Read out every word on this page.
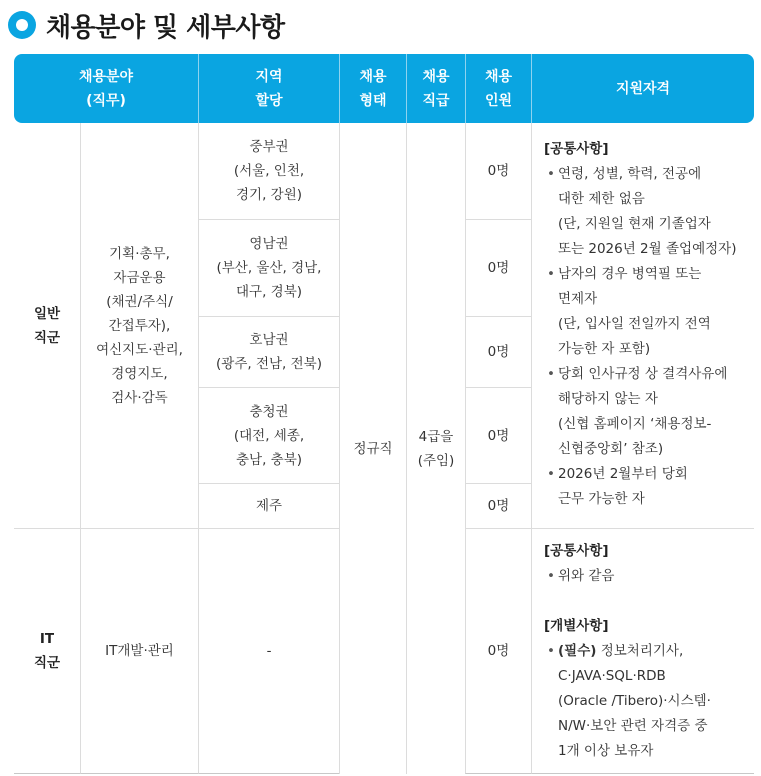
채용분야 및 세부사항
채용분야
(직무)
지역
할당
채용
형태
채용
직급
채용
인원
지원자격
일반
직군
기획·총무,
자금운용
(채권/주식/
간접투자),
여신지도·관리,
경영지도,
검사·감독
중부권
(서울, 인천,
경기, 강원)
영남권
(부산, 울산, 경남,
대구, 경북)
호남권
(광주, 전남, 전북)
충청권
(대전, 세종,
충남, 충북)
제주
정규직
4급을
(주임)
0명
0명
0명
0명
0명
[공통사항]
• 연령, 성별, 학력, 전공에
대한 제한 없음
(단, 지원일 현재 기졸업자
또는 2026년 2월 졸업예정자)
• 남자의 경우 병역필 또는
면제자
(단, 입사일 전일까지 전역
가능한 자 포함)
• 당회 인사규정 상 결격사유에
해당하지 않는 자
(신협 홈페이지 ‘채용정보-
신협중앙회’ 참조)
• 2026년 2월부터 당회
근무 가능한 자
IT
직군
IT개발·관리	-	0명
[공통사항]
• 위와 같음
[개별사항]
• (필수) 정보처리기사,
C·JAVA·SQL·RDB
(Oracle /Tibero)·시스템·
N/W·보안 관련 자격증 중
1개 이상 보유자
